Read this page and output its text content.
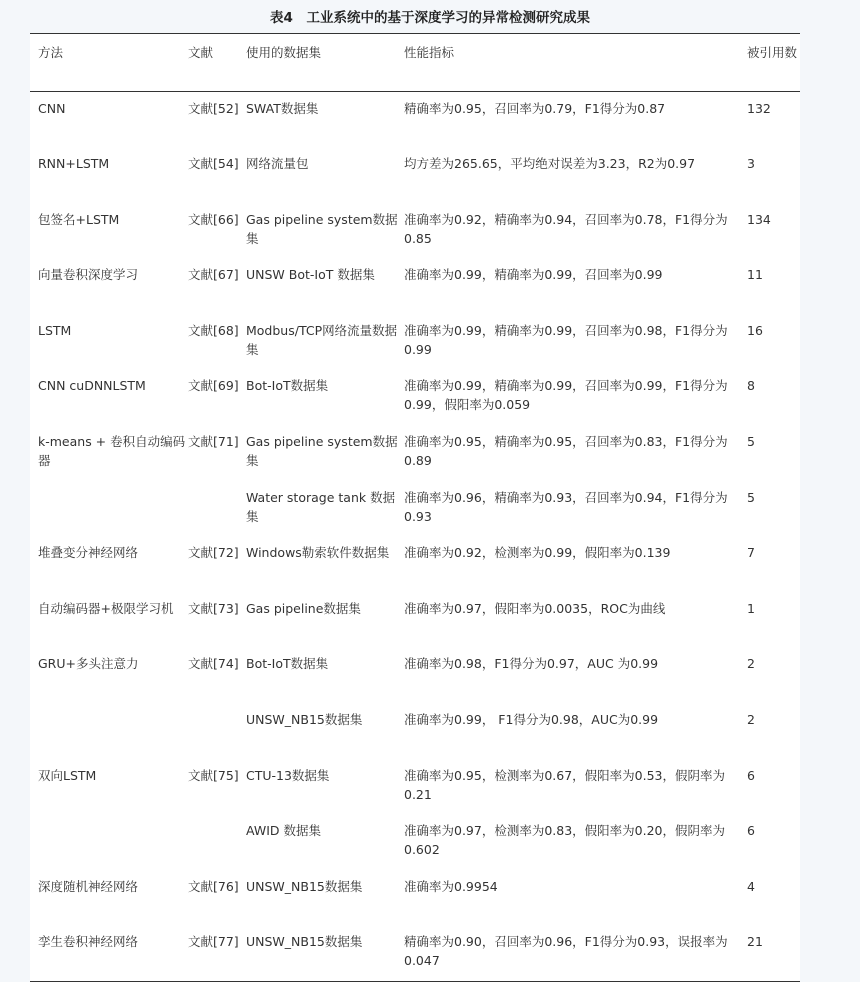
表4　工业系统中的基于深度学习的异常检测研究成果
方法	文献	使用的数据集	性能指标	被引用数
CNN	文献[52]	SWAT数据集	精确率为0.95，召回率为0.79，F1得分为0.87	132
RNN+LSTM	文献[54]	网络流量包	均方差为265.65，平均绝对误差为3.23，R2为0.97	3
包签名+LSTM	文献[66]	Gas pipeline system数据集	准确率为0.92，精确率为0.94，召回率为0.78，F1得分为0.85	134
向量卷积深度学习	文献[67]	UNSW Bot-IoT 数据集	准确率为0.99，精确率为0.99，召回率为0.99	11
LSTM	文献[68]	Modbus/TCP网络流量数据集	准确率为0.99，精确率为0.99，召回率为0.98，F1得分为0.99	16
CNN cuDNNLSTM	文献[69]	Bot-IoT数据集	准确率为0.99，精确率为0.99，召回率为0.99，F1得分为0.99，假阳率为0.059	8
k-means + 卷积自动编码器	文献[71]	Gas pipeline system数据集	准确率为0.95，精确率为0.95，召回率为0.83，F1得分为0.89	5
		Water storage tank 数据集	准确率为0.96，精确率为0.93，召回率为0.94，F1得分为0.93	5
堆叠变分神经网络	文献[72]	Windows勒索软件数据集	准确率为0.92，检测率为0.99，假阳率为0.139	7
自动编码器+极限学习机	文献[73]	Gas pipeline数据集	准确率为0.97，假阳率为0.0035，ROC为曲线	1
GRU+多头注意力	文献[74]	Bot-IoT数据集	准确率为0.98，F1得分为0.97，AUC 为0.99	2
		UNSW_NB15数据集	准确率为0.99， F1得分为0.98，AUC为0.99	2
双向LSTM	文献[75]	CTU-13数据集	准确率为0.95，检测率为0.67，假阳率为0.53，假阴率为0.21	6
		AWID 数据集	准确率为0.97，检测率为0.83，假阳率为0.20，假阴率为0.602	6
深度随机神经网络	文献[76]	UNSW_NB15数据集	准确率为0.9954	4
孪生卷积神经网络	文献[77]	UNSW_NB15数据集	精确率为0.90，召回率为0.96，F1得分为0.93，误报率为0.047	21
